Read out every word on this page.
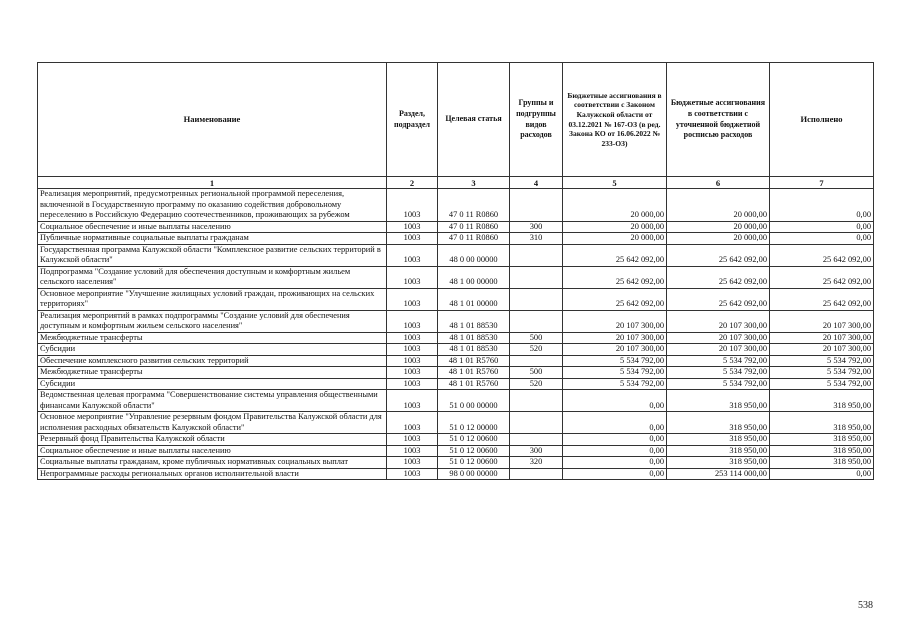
Наименование	Раздел, подраздел	Целевая статья	Группы и подгруппы видов расходов	Бюджетные ассигнования в соответствии с Законом Калужской области от 03.12.2021 № 167-ОЗ (в ред. Закона КО от 16.06.2022 № 233-ОЗ)	Бюджетные ассигнования в соответствии с уточненной бюджетной росписью расходов	Исполнено
1	2	3	4	5	6	7
Реализация мероприятий, предусмотренных региональной программой переселения, включенной в Государственную программу по оказанию содействия добровольному переселению в Российскую Федерацию соотечественников, проживающих за рубежом	1003	47 0 11 R0860		20 000,00	20 000,00	0,00
Социальное обеспечение и иные выплаты населению	1003	47 0 11 R0860	300	20 000,00	20 000,00	0,00
Публичные нормативные социальные выплаты гражданам	1003	47 0 11 R0860	310	20 000,00	20 000,00	0,00
Государственная программа Калужской области "Комплексное развитие сельских территорий в Калужской области"	1003	48 0 00 00000		25 642 092,00	25 642 092,00	25 642 092,00
Подпрограмма "Создание условий для обеспечения доступным и комфортным жильем сельского населения"	1003	48 1 00 00000		25 642 092,00	25 642 092,00	25 642 092,00
Основное мероприятие "Улучшение жилищных условий граждан, проживающих на сельских территориях"	1003	48 1 01 00000		25 642 092,00	25 642 092,00	25 642 092,00
Реализация мероприятий в рамках подпрограммы "Создание условий для обеспечения доступным и комфортным жильем сельского населения"	1003	48 1 01 88530		20 107 300,00	20 107 300,00	20 107 300,00
Межбюджетные трансферты	1003	48 1 01 88530	500	20 107 300,00	20 107 300,00	20 107 300,00
Субсидии	1003	48 1 01 88530	520	20 107 300,00	20 107 300,00	20 107 300,00
Обеспечение комплексного развития сельских территорий	1003	48 1 01 R5760		5 534 792,00	5 534 792,00	5 534 792,00
Межбюджетные трансферты	1003	48 1 01 R5760	500	5 534 792,00	5 534 792,00	5 534 792,00
Субсидии	1003	48 1 01 R5760	520	5 534 792,00	5 534 792,00	5 534 792,00
Ведомственная целевая программа "Совершенствование системы управления общественными финансами Калужской области"	1003	51 0 00 00000		0,00	318 950,00	318 950,00
Основное мероприятие "Управление резервным фондом Правительства Калужской области для исполнения расходных обязательств Калужской области"	1003	51 0 12 00000		0,00	318 950,00	318 950,00
Резервный фонд Правительства Калужской области	1003	51 0 12 00600		0,00	318 950,00	318 950,00
Социальное обеспечение и иные выплаты населению	1003	51 0 12 00600	300	0,00	318 950,00	318 950,00
Социальные выплаты гражданам, кроме публичных нормативных социальных выплат	1003	51 0 12 00600	320	0,00	318 950,00	318 950,00
Непрограммные расходы региональных органов исполнительной власти	1003	98 0 00 00000		0,00	253 114 000,00	0,00
538
